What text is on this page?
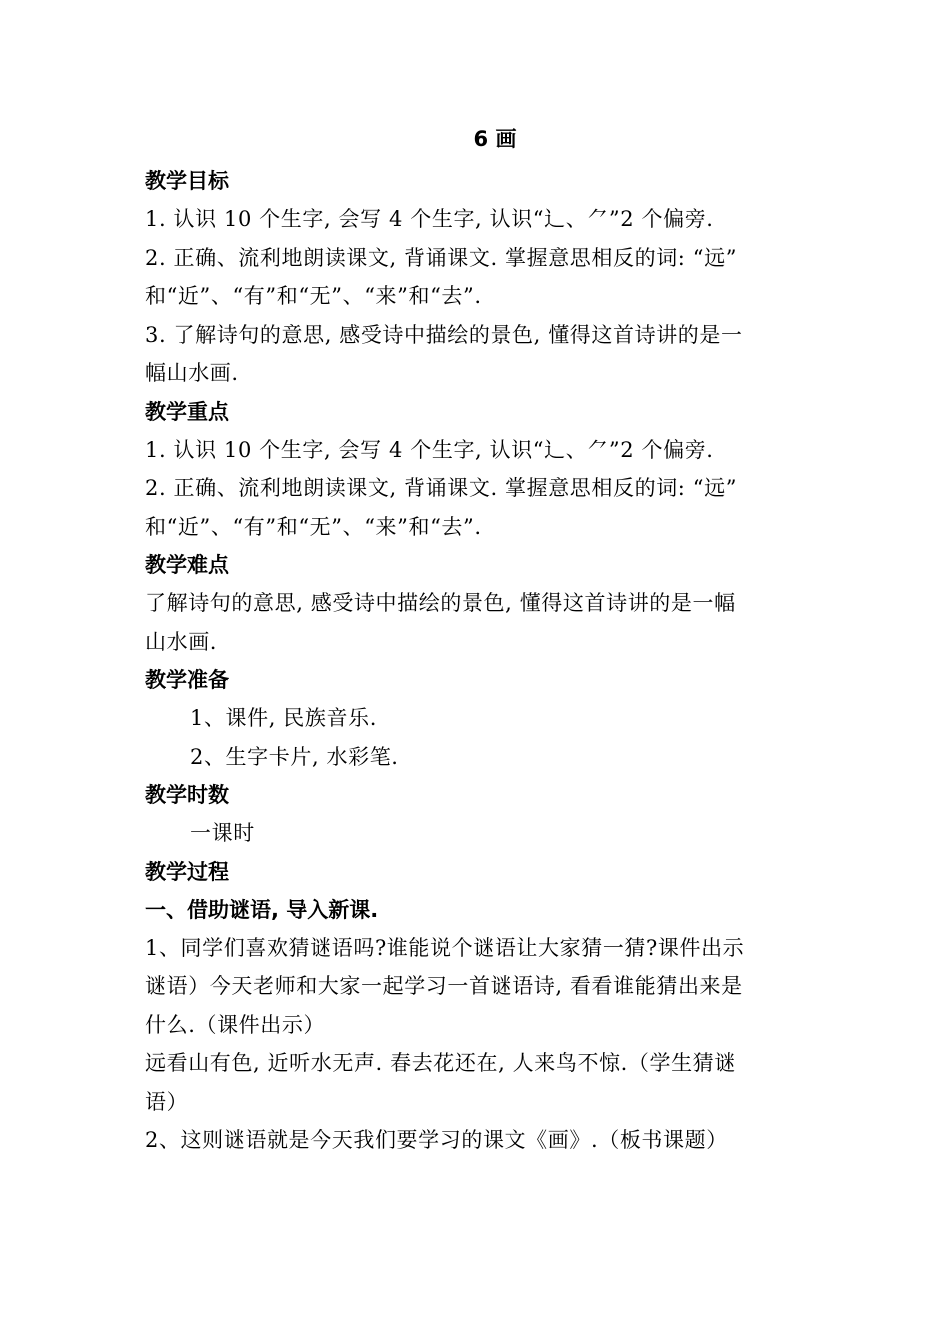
6 画
教学目标
1. 认识 10 个生字, 会写 4 个生字, 认识“辶、⺈”2 个偏旁.
2. 正确、流利地朗读课文, 背诵课文. 掌握意思相反的词: “远”
和“近”、“有”和“无”、“来”和“去”.
3. 了解诗句的意思, 感受诗中描绘的景色, 懂得这首诗讲的是一
幅山水画.
教学重点
1. 认识 10 个生字, 会写 4 个生字, 认识“辶、⺈”2 个偏旁.
2. 正确、流利地朗读课文, 背诵课文. 掌握意思相反的词: “远”
和“近”、“有”和“无”、“来”和“去”.
教学难点
了解诗句的意思, 感受诗中描绘的景色, 懂得这首诗讲的是一幅
山水画.
教学准备
1、课件, 民族音乐.
2、生字卡片, 水彩笔.
教学时数
一课时
教学过程
一、借助谜语, 导入新课.
1、同学们喜欢猜谜语吗?谁能说个谜语让大家猜一猜?课件出示
谜语）今天老师和大家一起学习一首谜语诗, 看看谁能猜出来是
什么.（课件出示）
远看山有色, 近听水无声. 春去花还在, 人来鸟不惊.（学生猜谜
语）
2、这则谜语就是今天我们要学习的课文《画》.（板书课题）
